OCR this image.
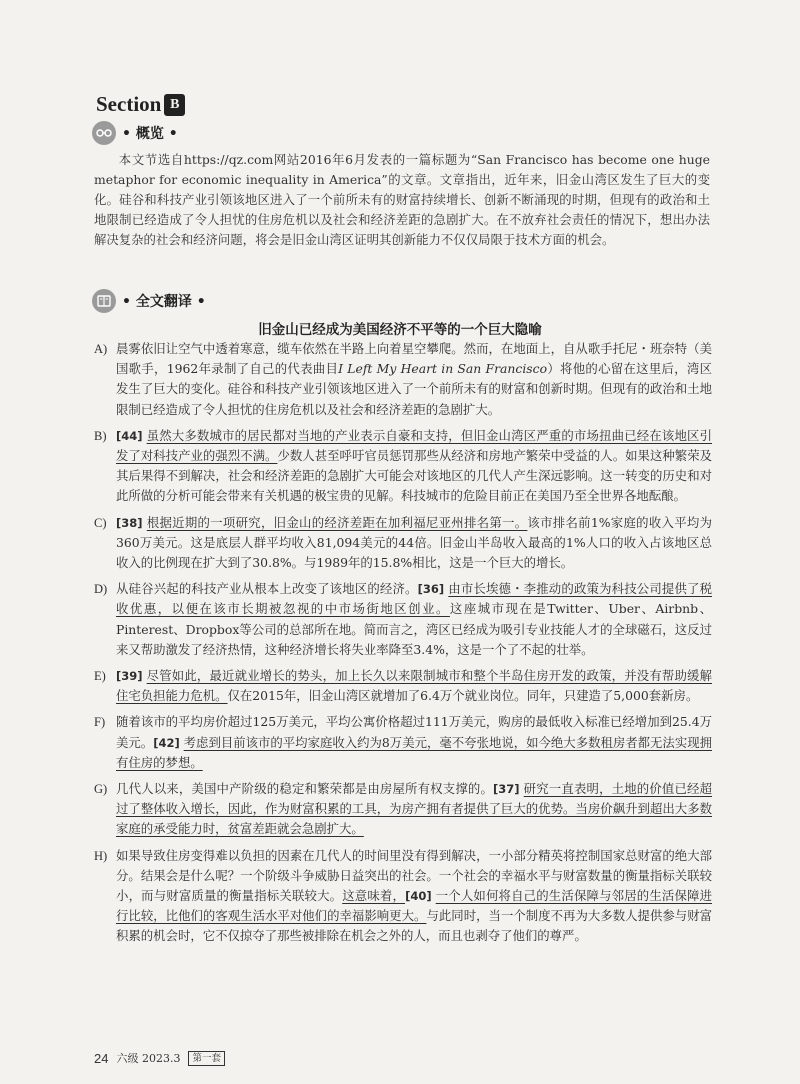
Section B
• 概览 •
本文节选自https://qz.com网站2016年6月发表的一篇标题为“San Francisco has become one huge metaphor for economic inequality in America”的文章。文章指出，近年来，旧金山湾区发生了巨大的变化。硅谷和科技产业引领该地区进入了一个前所未有的财富持续增长、创新不断涌现的时期，但现有的政治和土地限制已经造成了令人担忧的住房危机以及社会和经济差距的急剧扩大。在不放弃社会责任的情况下，想出办法解决复杂的社会和经济问题，将会是旧金山湾区证明其创新能力不仅仅局限于技术方面的机会。
• 全文翻译 •
旧金山已经成为美国经济不平等的一个巨大隐喻
A) 晨雾依旧让空气中透着寒意，缆车依然在半路上向着星空攀爬。然而，在地面上，自从歌手托尼・班奈特（美国歌手，1962年录制了自己的代表曲目I Left My Heart in San Francisco）将他的心留在这里后，湾区发生了巨大的变化。硅谷和科技产业引领该地区进入了一个前所未有的财富和创新时期。但现有的政治和土地限制已经造成了令人担忧的住房危机以及社会和经济差距的急剧扩大。
B) [44] 虽然大多数城市的居民都对当地的产业表示自豪和支持，但旧金山湾区严重的市场扭曲已经在该地区引发了对科技产业的强烈不满。少数人甚至呼吁官员惩罚那些从经济和房地产繁荣中受益的人。如果这种繁荣及其后果得不到解决，社会和经济差距的急剧扩大可能会对该地区的几代人产生深远影响。这一转变的历史和对此所做的分析可能会带来有关机遇的极宝贵的见解。科技城市的危险目前正在美国乃至全世界各地酝酿。
C) [38] 根据近期的一项研究，旧金山的经济差距在加利福尼亚州排名第一。该市排名前1%家庭的收入平均为360万美元。这是底层人群平均收入81,094美元的44倍。旧金山半岛收入最高的1%人口的收入占该地区总收入的比例现在扩大到了30.8%。与1989年的15.8%相比，这是一个巨大的增长。
D) 从硅谷兴起的科技产业从根本上改变了该地区的经济。[36] 由市长埃德・李推动的政策为科技公司提供了税收优惠，以便在该市长期被忽视的中市场街地区创业。这座城市现在是Twitter、Uber、Airbnb、Pinterest、Dropbox等公司的总部所在地。简而言之，湾区已经成为吸引专业技能人才的全球磁石，这反过来又帮助激发了经济热情，这种经济增长将失业率降至3.4%，这是一个了不起的壮举。
E) [39] 尽管如此，最近就业增长的势头，加上长久以来限制城市和整个半岛住房开发的政策，并没有帮助缓解住宅负担能力危机。仅在2015年，旧金山湾区就增加了6.4万个就业岗位。同年，只建造了5,000套新房。
F) 随着该市的平均房价超过125万美元，平均公寓价格超过111万美元，购房的最低收入标准已经增加到25.4万美元。[42] 考虑到目前该市的平均家庭收入约为8万美元，毫不夸张地说，如今绝大多数租房者都无法实现拥有住房的梦想。
G) 几代人以来，美国中产阶级的稳定和繁荣都是由房屋所有权支撑的。[37] 研究一直表明，土地的价值已经超过了整体收入增长，因此，作为财富积累的工具，为房产拥有者提供了巨大的优势。当房价飙升到超出大多数家庭的承受能力时，贫富差距就会急剧扩大。
H) 如果导致住房变得难以负担的因素在几代人的时间里没有得到解决，一小部分精英将控制国家总财富的绝大部分。结果会是什么呢？一个阶级斗争威胁日益突出的社会。一个社会的幸福水平与财富数量的衡量指标关联较小，而与财富质量的衡量指标关联较大。这意味着，[40] 一个人如何将自己的生活保障与邻居的生活保障进行比较，比他们的客观生活水平对他们的幸福影响更大。与此同时，当一个制度不再为大多数人提供参与财富积累的机会时，它不仅掠夺了那些被排除在机会之外的人，而且也剥夺了他们的尊严。
24 六级 2023.3	第一套
